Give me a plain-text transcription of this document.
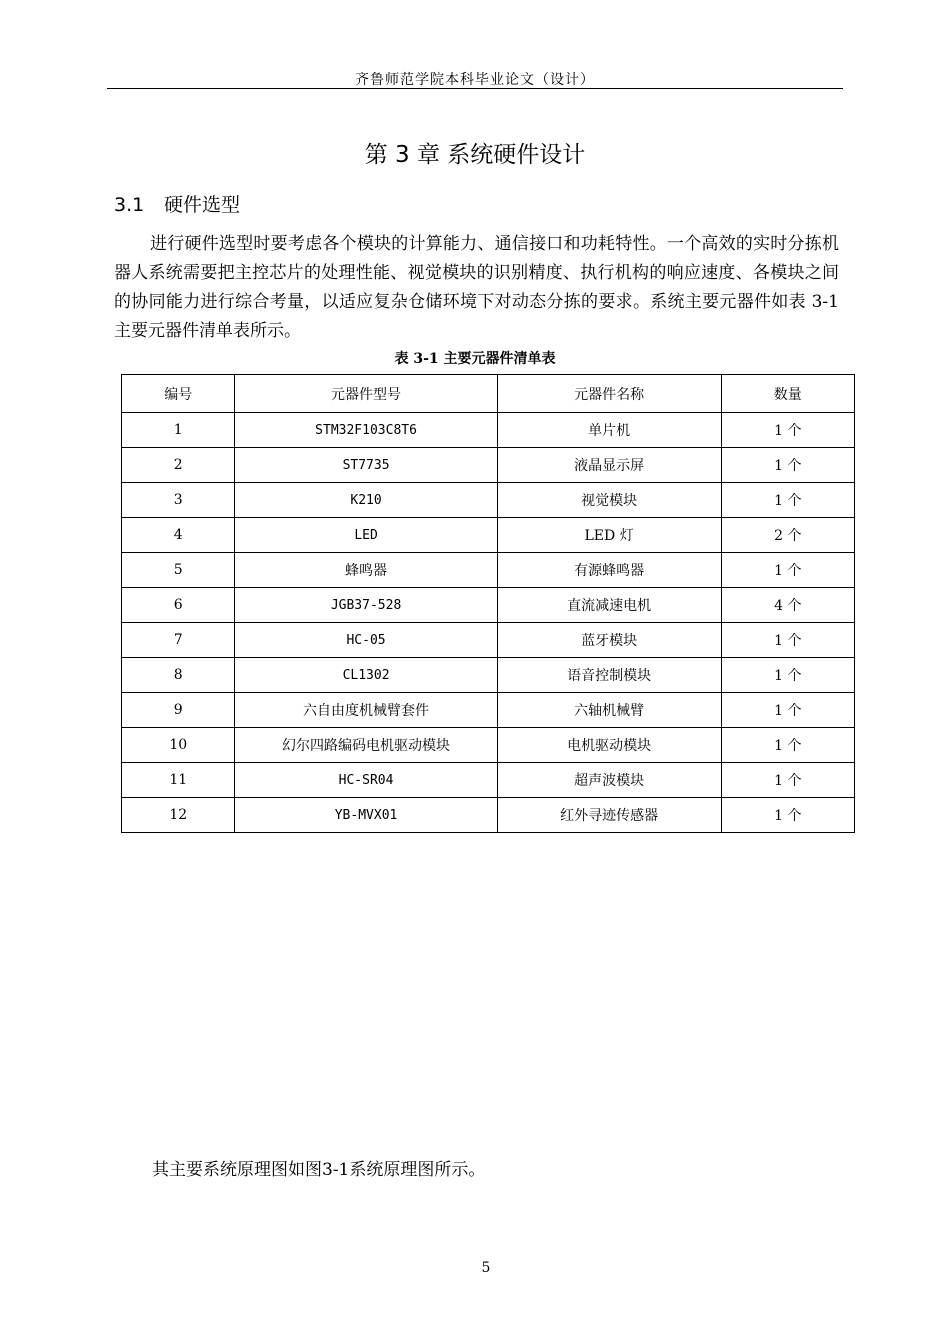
齐鲁师范学院本科毕业论文（设计）
第 3 章 系统硬件设计
3.1 硬件选型

进行硬件选型时要考虑各个模块的计算能力、通信接口和功耗特性。一个高效的实时分拣机器人系统需要把主控芯片的处理性能、视觉模块的识别精度、执行机构的响应速度、各模块之间的协同能力进行综合考量，以适应复杂仓储环境下对动态分拣的要求。系统主要元器件如表 3-1 主要元器件清单表所示。

表 3-1 主要元器件清单表
编号	元器件型号	元器件名称	数量
1	STM32F103C8T6	单片机	1 个
2	ST7735	液晶显示屏	1 个
3	K210	视觉模块	1 个
4	LED	LED 灯	2 个
5	蜂鸣器	有源蜂鸣器	1 个
6	JGB37-528	直流减速电机	4 个
7	HC-05	蓝牙模块	1 个
8	CL1302	语音控制模块	1 个
9	六自由度机械臂套件	六轴机械臂	1 个
10	幻尔四路编码电机驱动模块	电机驱动模块	1 个
11	HC-SR04	超声波模块	1 个
12	YB-MVX01	红外寻迹传感器	1 个
其主要系统原理图如图3-1系统原理图所示。
5
